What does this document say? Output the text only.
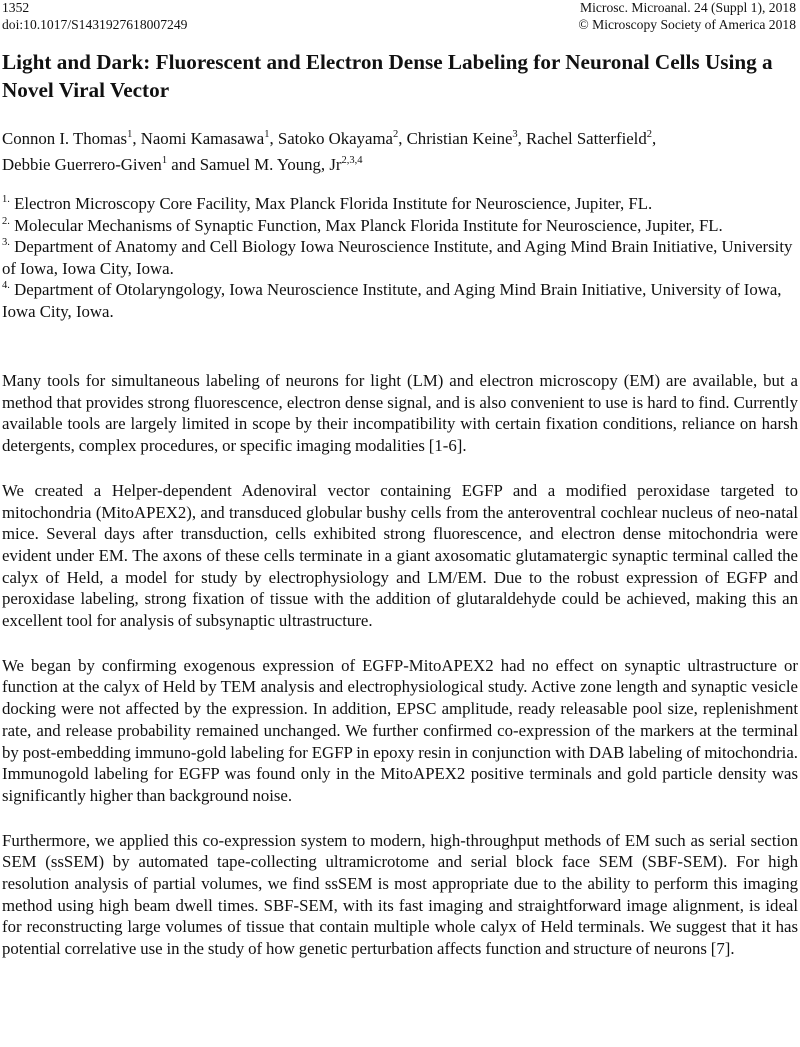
1352
doi:10.1017/S1431927618007249
Microsc. Microanal. 24 (Suppl 1), 2018
© Microscopy Society of America 2018
Light and Dark: Fluorescent and Electron Dense Labeling for Neuronal Cells Using a Novel Viral Vector

Connon I. Thomas$^1$, Naomi Kamasawa$^1$, Satoko Okayama$^2$, Christian Keine$^3$, Rachel Satterfield$^2$,
Debbie Guerrero-Given$^1$ and Samuel M. Young, Jr$^{2,3,4}$

$^{1.}$ Electron Microscopy Core Facility, Max Planck Florida Institute for Neuroscience, Jupiter, FL.

$^{2.}$ Molecular Mechanisms of Synaptic Function, Max Planck Florida Institute for Neuroscience, Jupiter, FL.

$^{3.}$ Department of Anatomy and Cell Biology Iowa Neuroscience Institute, and Aging Mind Brain Initiative, University of Iowa, Iowa City, Iowa.

$^{4.}$ Department of Otolaryngology, Iowa Neuroscience Institute, and Aging Mind Brain Initiative, University of Iowa, Iowa City, Iowa.

Many tools for simultaneous labeling of neurons for light (LM) and electron microscopy (EM) are available, but a method that provides strong fluorescence, electron dense signal, and is also convenient to use is hard to find. Currently available tools are largely limited in scope by their incompatibility with certain fixation conditions, reliance on harsh detergents, complex procedures, or specific imaging modalities [1-6].

We created a Helper-dependent Adenoviral vector containing EGFP and a modified peroxidase targeted to mitochondria (MitoAPEX2), and transduced globular bushy cells from the anteroventral cochlear nucleus of neo-natal mice. Several days after transduction, cells exhibited strong fluorescence, and electron dense mitochondria were evident under EM. The axons of these cells terminate in a giant axosomatic glutamatergic synaptic terminal called the calyx of Held, a model for study by electrophysiology and LM/EM. Due to the robust expression of EGFP and peroxidase labeling, strong fixation of tissue with the addition of glutaraldehyde could be achieved, making this an excellent tool for analysis of subsynaptic ultrastructure.

We began by confirming exogenous expression of EGFP-MitoAPEX2 had no effect on synaptic ultrastructure or function at the calyx of Held by TEM analysis and electrophysiological study. Active zone length and synaptic vesicle docking were not affected by the expression. In addition, EPSC amplitude, ready releasable pool size, replenishment rate, and release probability remained unchanged. We further confirmed co-expression of the markers at the terminal by post-embedding immuno-gold labeling for EGFP in epoxy resin in conjunction with DAB labeling of mitochondria. Immunogold labeling for EGFP was found only in the MitoAPEX2 positive terminals and gold particle density was significantly higher than background noise.

Furthermore, we applied this co-expression system to modern, high-throughput methods of EM such as serial section SEM (ssSEM) by automated tape-collecting ultramicrotome and serial block face SEM (SBF-SEM). For high resolution analysis of partial volumes, we find ssSEM is most appropriate due to the ability to perform this imaging method using high beam dwell times. SBF-SEM, with its fast imaging and straightforward image alignment, is ideal for reconstructing large volumes of tissue that contain multiple whole calyx of Held terminals. We suggest that it has potential correlative use in the study of how genetic perturbation affects function and structure of neurons [7].
